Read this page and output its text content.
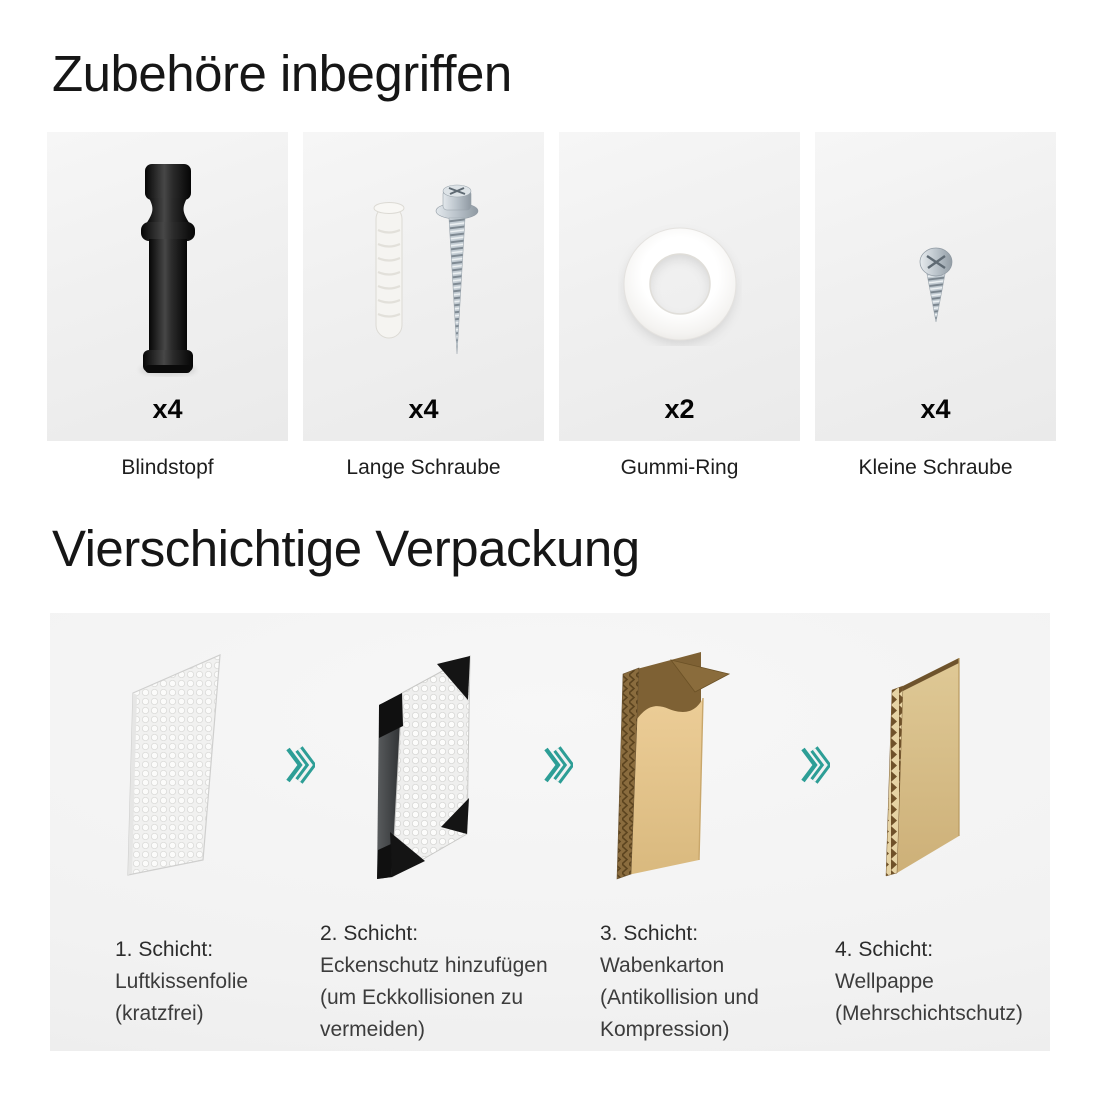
Zubehöre inbegriffen
x4	x4	x2	x4
Blindstopf	Lange Schraube	Gummi-Ring	Kleine Schraube
Vierschichtige Verpackung
1. Schicht:
Luftkissenfolie
(kratzfrei)
2. Schicht:
Eckenschutz hinzufügen
(um Eckkollisionen zu
vermeiden)
3. Schicht:
Wabenkarton
(Antikollision und
Kompression)
4. Schicht:
Wellpappe
(Mehrschichtschutz)
